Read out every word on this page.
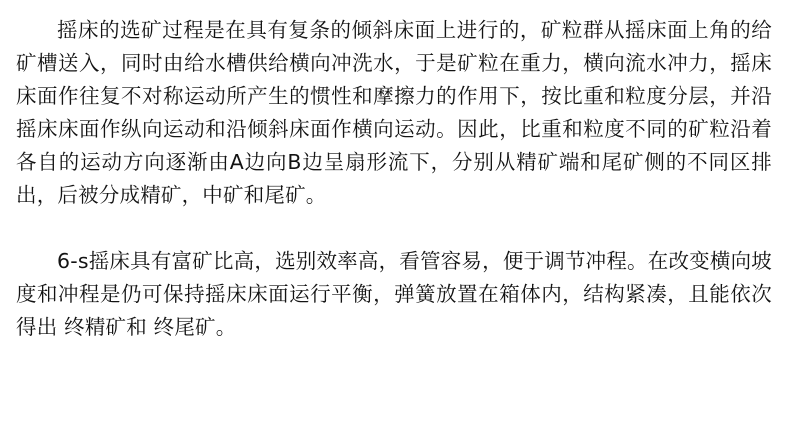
摇床的选矿过程是在具有复条的倾斜床面上进行的，矿粒群从摇床面上角的给矿槽送入，同时由给水槽供给横向冲洗水，于是矿粒在重力，横向流水冲力，摇床床面作往复不对称运动所产生的惯性和摩擦力的作用下，按比重和粒度分层，并沿摇床床面作纵向运动和沿倾斜床面作横向运动。因此，比重和粒度不同的矿粒沿着各自的运动方向逐渐由A边向B边呈扇形流下，分别从精矿端和尾矿侧的不同区排出，后被分成精矿，中矿和尾矿。

6-s摇床具有富矿比高，选别效率高，看管容易，便于调节冲程。在改变横向坡度和冲程是仍可保持摇床床面运行平衡，弹簧放置在箱体内，结构紧凑，且能依次得出 终精矿和 终尾矿。
